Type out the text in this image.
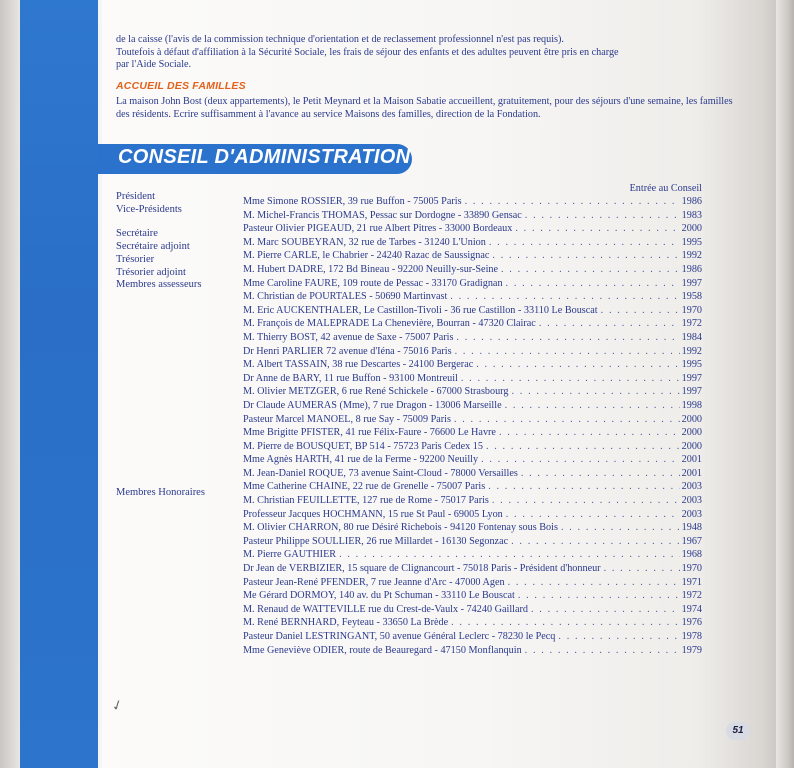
de la caisse (l'avis de la commission technique d'orientation et de reclassement professionnel n'est pas requis).

Toutefois à défaut d'affiliation à la Sécurité Sociale, les frais de séjour des enfants et des adultes peuvent être pris en charge

par l'Aide Sociale.

ACCUEIL DES FAMILLES
La maison John Bost (deux appartements), le Petit Meynard et la Maison Sabatie accueillent, gratuitement, pour des séjours d'une semaine, les familles des résidents. Ecrire suffisamment à l'avance au service Maisons des familles, direction de la Fondation.
CONSEIL D'ADMINISTRATION
Entrée au Conseil
Président
Vice-Présidents
Secrétaire
Secrétaire adjoint
Trésorier
Trésorier adjoint
Membres assesseurs
Membres Honoraires
Mme Simone ROSSIER, 39 rue Buffon - 75005 Paris . . .	1986
M. Michel-Francis THOMAS, Pessac sur Dordogne - 33890 Gensac . . .	1983
Pasteur Olivier PIGEAUD, 21 rue Albert Pitres - 33000 Bordeaux . . .	2000
M. Marc SOUBEYRAN, 32 rue de Tarbes - 31240 L'Union . . .	1995
M. Pierre CARLE, le Chabrier - 24240 Razac de Saussignac . . .	1992
M. Hubert DADRE, 172 Bd Bineau - 92200 Neuilly-sur-Seine . . .	1986
Mme Caroline FAURE, 109 route de Pessac - 33170 Gradignan . . .	1997
M. Christian de POURTALES - 50690 Martinvast . . .	1958
M. Eric AUCKENTHALER, Le Castillon-Tivoli - 36 rue Castillon - 33110 Le Bouscat . . .	1970
M. François de MALEPRADE La Chenevière, Bourran - 47320 Clairac . . .	1972
M. Thierry BOST, 42 avenue de Saxe - 75007 Paris . . .	1984
Dr Henri PARLIER 72 avenue d'Iéna - 75016 Paris . . .	1992
M. Albert TASSAIN, 38 rue Descartes - 24100 Bergerac . . .	1995
Dr Anne de BARY, 11 rue Buffon - 93100 Montreuil . . .	1997
M. Olivier METZGER, 6 rue René Schickele - 67000 Strasbourg . . .	1997
Dr Claude AUMERAS (Mme), 7 rue Dragon - 13006 Marseille . . .	1998
Pasteur Marcel MANOEL, 8 rue Say - 75009 Paris . . .	2000
Mme Brigitte PFISTER, 41 rue Félix-Faure - 76600 Le Havre . . .	2000
M. Pierre de BOUSQUET, BP 514 - 75723 Paris Cedex 15 . . .	2000
Mme Agnès HARTH, 41 rue de la Ferme - 92200 Neuilly . . .	2001
M. Jean-Daniel ROQUE, 73 avenue Saint-Cloud - 78000 Versailles . . .	2001
Mme Catherine CHAINE, 22 rue de Grenelle - 75007 Paris . . .	2003
M. Christian FEUILLETTE, 127 rue de Rome - 75017 Paris . . .	2003
Professeur Jacques HOCHMANN, 15 rue St Paul - 69005 Lyon . . .	2003
M. Olivier CHARRON, 80 rue Désiré Richebois - 94120 Fontenay sous Bois . . .	1948
Pasteur Philippe SOULLIER, 26 rue Millardet - 16130 Segonzac . . .	1967
M. Pierre GAUTHIER . . .	1968
Dr Jean de VERBIZIER, 15 square de Clignancourt - 75018 Paris - Président d'honneur . . .	1970
Pasteur Jean-René PFENDER, 7 rue Jeanne d'Arc - 47000 Agen . . .	1971
Me Gérard DORMOY, 140 av. du Pt Schuman - 33110 Le Bouscat . . .	1972
M. Renaud de WATTEVILLE rue du Crest-de-Vaulx - 74240 Gaillard . . .	1974
M. René BERNHARD, Feyteau - 33650 La Brède . . .	1976
Pasteur Daniel LESTRINGANT, 50 avenue Général Leclerc - 78230 le Pecq . . .	1978
Mme Geneviève ODIER, route de Beauregard - 47150 Monflanquin . . .	1979
✓
51
